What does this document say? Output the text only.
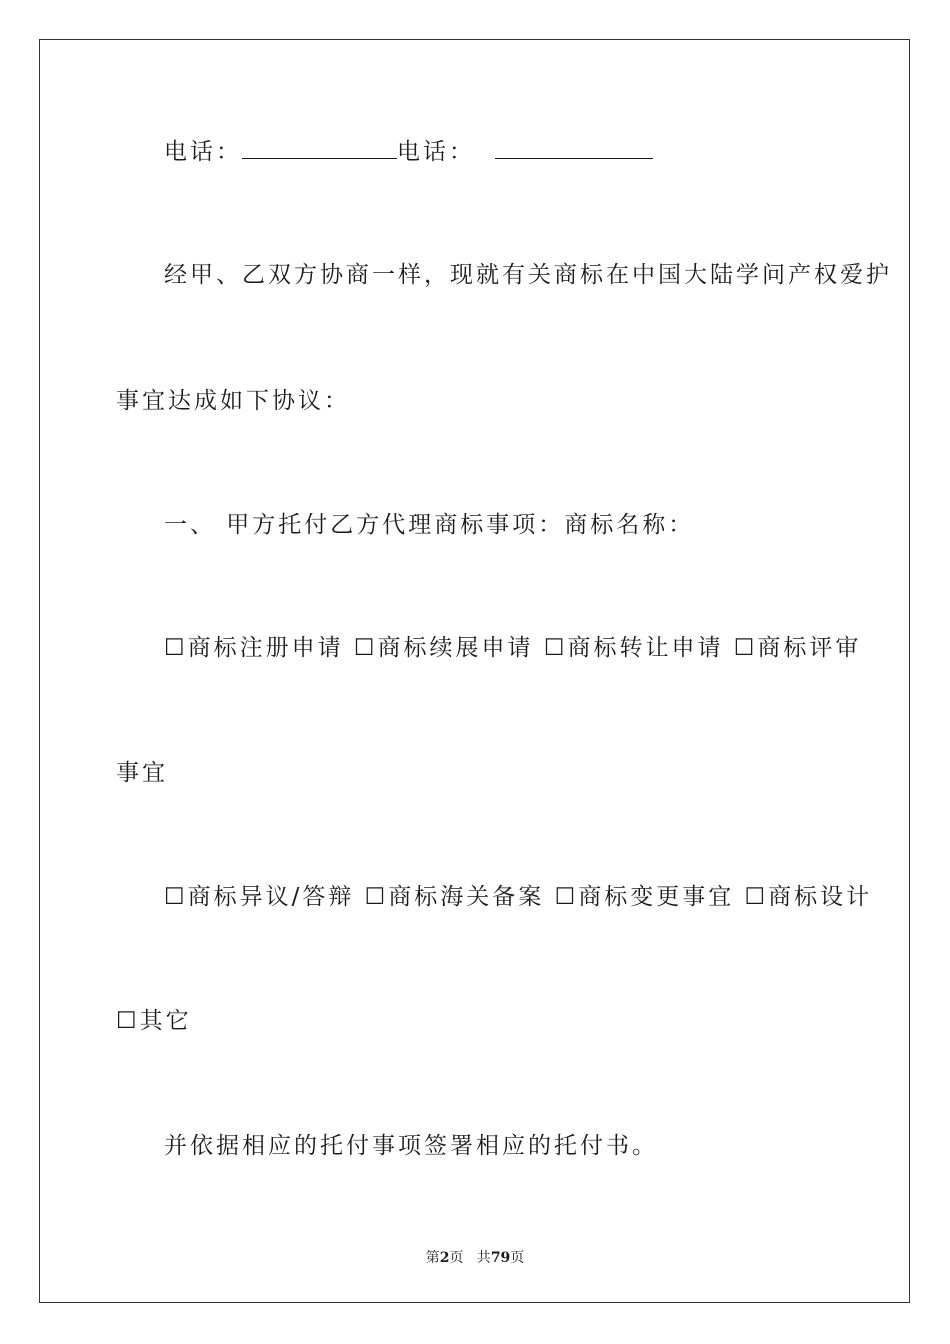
电话：	电话：
经甲、乙双方协商一样，现就有关商标在中国大陆学问产权爱护
事宜达成如下协议：
一、 甲方托付乙方代理商标事项：商标名称：
☐商标注册申请 ☐商标续展申请 ☐商标转让申请 ☐商标评审
事宜
☐商标异议/答辩 ☐商标海关备案 ☐商标变更事宜 ☐商标设计
☐其它
并依据相应的托付事项签署相应的托付书。
第2页   共79页
